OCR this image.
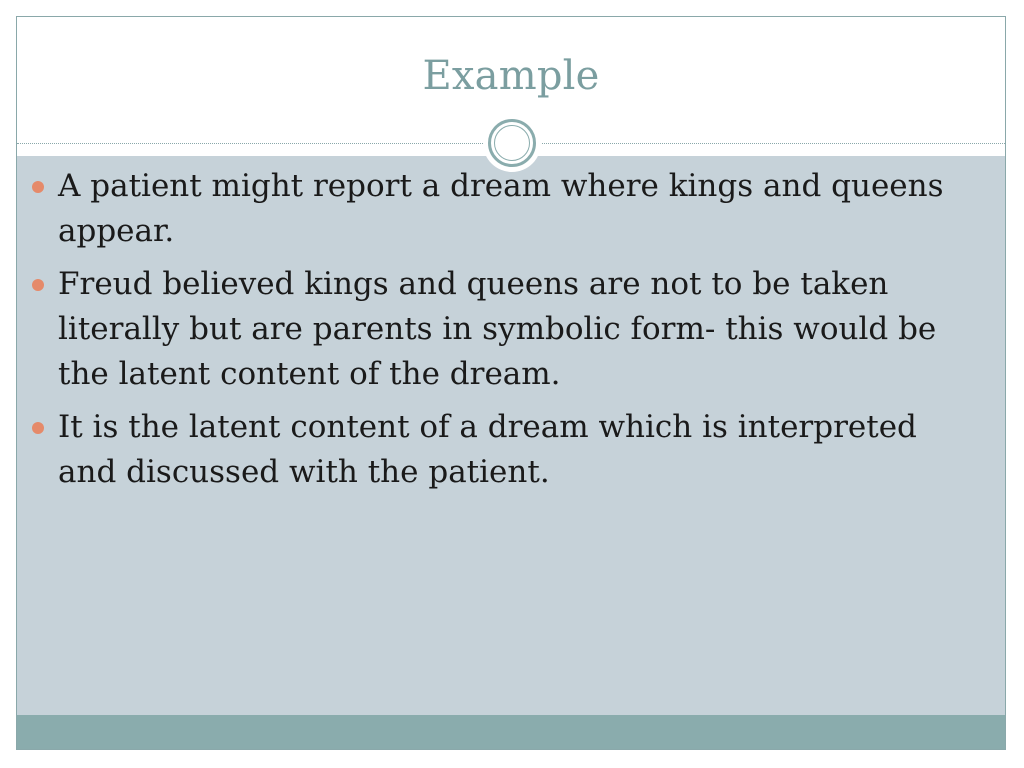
Example
A patient might report a dream where kings and queens appear.
Freud believed kings and queens are not to be taken literally but are parents in symbolic form- this would be the latent content of the dream.
It is the latent content of a dream which is interpreted and discussed with the patient.
